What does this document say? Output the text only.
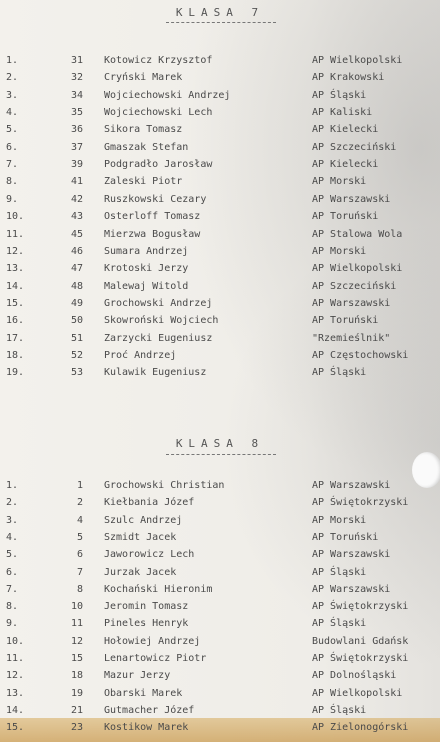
KLASA 7
1.	31 Kotowicz Krzysztof	AP Wielkopolski
2.	32 Cryński Marek	AP Krakowski
3.	34 Wojciechowski Andrzej	AP Śląski
4.	35 Wojciechowski Lech	AP Kaliski
5.	36 Sikora Tomasz	AP Kielecki
6.	37 Gmaszak Stefan	AP Szczeciński
7.	39 Podgradło Jarosław	AP Kielecki
8.	41 Zaleski Piotr	AP Morski
9.	42 Ruszkowski Cezary	AP Warszawski
10.	43 Osterloff Tomasz	AP Toruński
11.	45 Mierzwa Bogusław	AP Stalowa Wola
12.	46 Sumara Andrzej	AP Morski
13.	47 Krotoski Jerzy	AP Wielkopolski
14.	48 Malewaj Witold	AP Szczeciński
15.	49 Grochowski Andrzej	AP Warszawski
16.	50 Skowroński Wojciech	AP Toruński
17.	51 Zarzycki Eugeniusz	"Rzemieślnik"
18.	52 Proć Andrzej	AP Częstochowski
19.	53 Kulawik Eugeniusz	AP Śląski
KLASA 8
1.	1 Grochowski Christian	AP Warszawski
2.	2 Kiełbania Józef	AP Świętokrzyski
3.	4 Szulc Andrzej	AP Morski
4.	5 Szmidt Jacek	AP Toruński
5.	6 Jaworowicz Lech	AP Warszawski
6.	7 Jurzak Jacek	AP Śląski
7.	8 Kochański Hieronim	AP Warszawski
8.	10 Jeromin Tomasz	AP Świętokrzyski
9.	11 Pineles Henryk	AP Śląski
10.	12 Hołowiej Andrzej	Budowlani Gdańsk
11.	15 Lenartowicz Piotr	AP Świętokrzyski
12.	18 Mazur Jerzy	AP Dolnośląski
13.	19 Obarski Marek	AP Wielkopolski
14.	21 Gutmacher Józef	AP Śląski
15.	23 Kostikow Marek	AP Zielonogórski
